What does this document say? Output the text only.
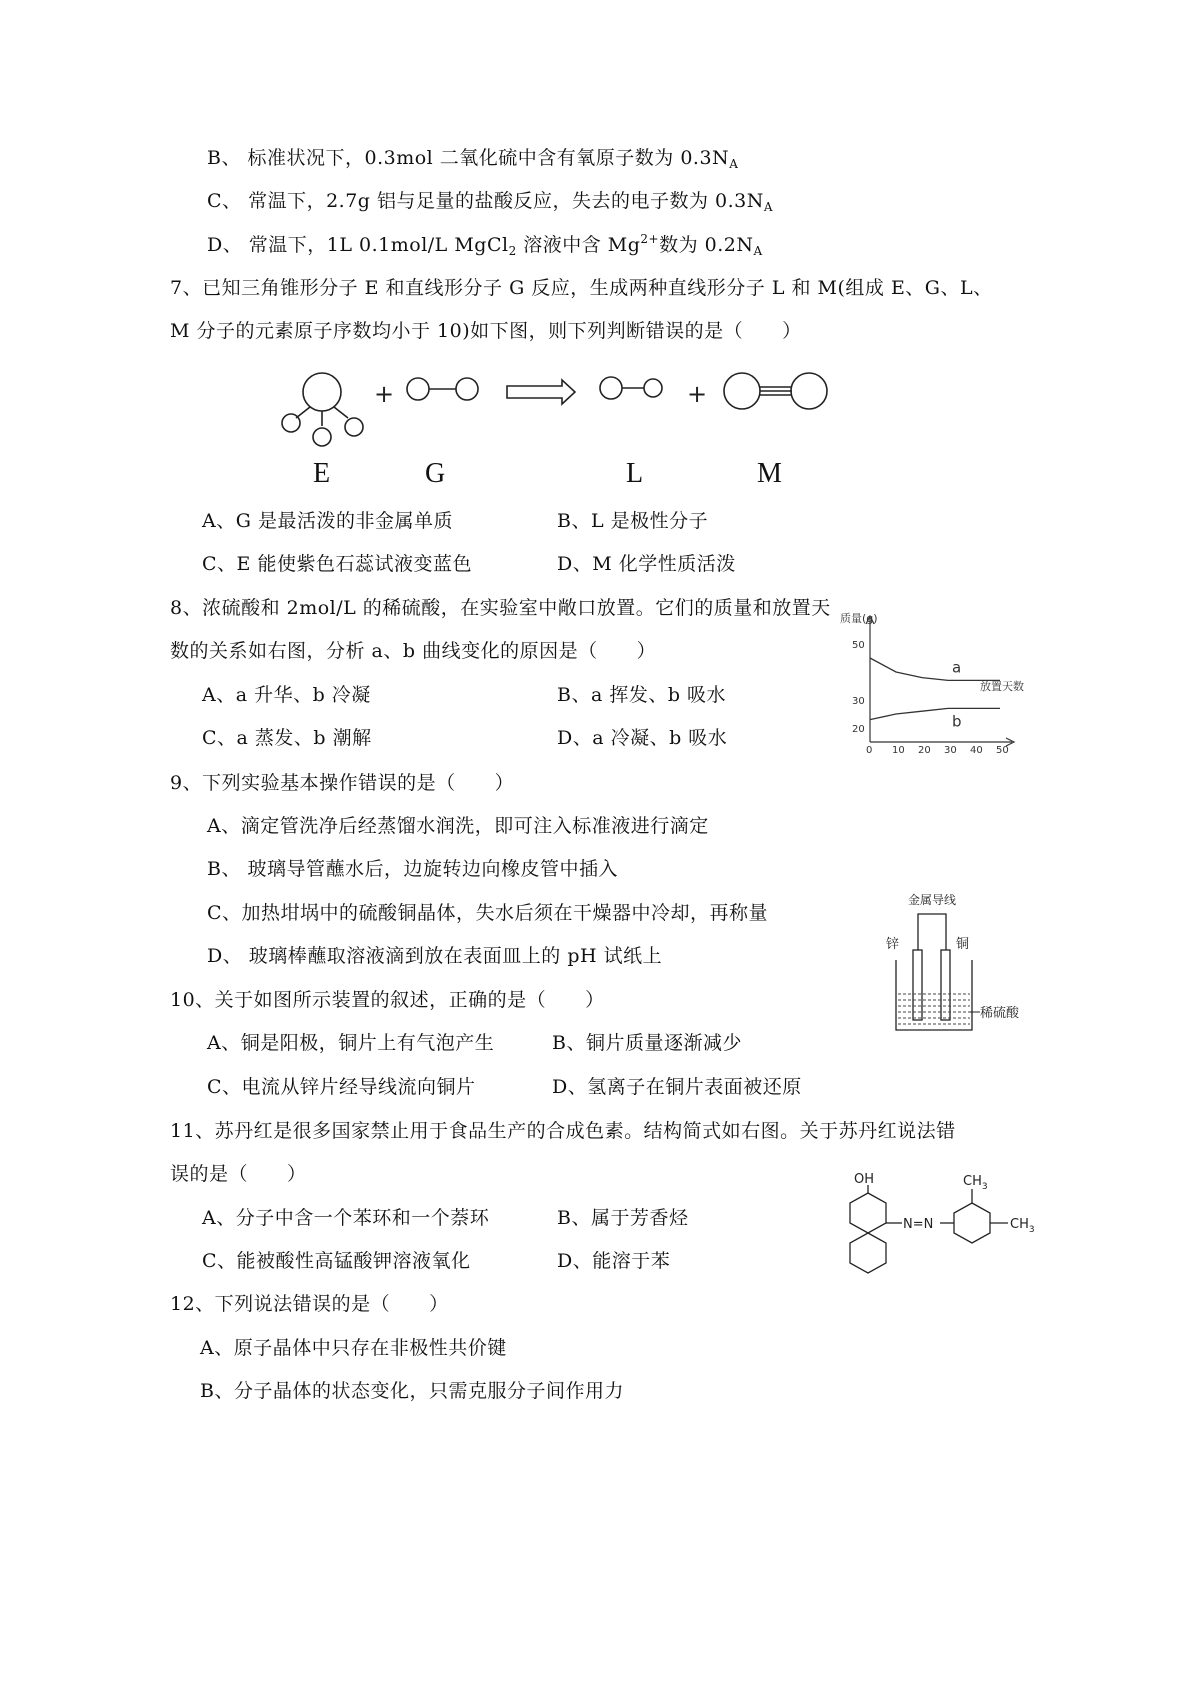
B、 标准状况下，0.3mol 二氧化硫中含有氧原子数为 $0.3N_A$
C、 常温下，2.7g 铝与足量的盐酸反应，失去的电子数为 $0.3N_A$
D、 常温下，1L 0.1mol/L MgCl$_2$ 溶液中含 $Mg^{2+}$数为 $0.2N_A$
7、已知三角锥形分子 E 和直线形分子 G 反应，生成两种直线形分子 L 和 M(组成 E、G、L、
M 分子的元素原子序数均小于 10)如下图，则下列判断错误的是（　　）
+	+
E	G	L	M
A、G 是最活泼的非金属单质	B、L 是极性分子
C、E 能使紫色石蕊试液变蓝色	D、M 化学性质活泼
8、浓硫酸和 2mol/L 的稀硫酸，在实验室中敞口放置。它们的质量和放置天
数的关系如右图，分析 a、b 曲线变化的原因是（　　）
A、a 升华、b 冷凝	B、a 挥发、b 吸水
C、a 蒸发、b 潮解	D、a 冷凝、b 吸水
质量(g)
放置天数
0 10 20 30 40 50
20
30
50
a
b
9、下列实验基本操作错误的是（　　）
A、滴定管洗净后经蒸馏水润洗，即可注入标准液进行滴定
B、 玻璃导管蘸水后，边旋转边向橡皮管中插入
C、加热坩埚中的硫酸铜晶体，失水后须在干燥器中冷却，再称量
D、 玻璃棒蘸取溶液滴到放在表面皿上的 pH 试纸上
金属导线
锌	铜
稀硫酸
10、关于如图所示装置的叙述，正确的是（　　）
A、铜是阳极，铜片上有气泡产生	B、铜片质量逐渐减少
C、电流从锌片经导线流向铜片	D、氢离子在铜片表面被还原
11、苏丹红是很多国家禁止用于食品生产的合成色素。结构简式如右图。关于苏丹红说法错
误的是（　　）
A、分子中含一个苯环和一个萘环	B、属于芳香烃
C、能被酸性高锰酸钾溶液氧化	D、能溶于苯
OH
N=N
$CH_3$
$CH_3$
12、下列说法错误的是（　　）
A、原子晶体中只存在非极性共价键
B、分子晶体的状态变化，只需克服分子间作用力
